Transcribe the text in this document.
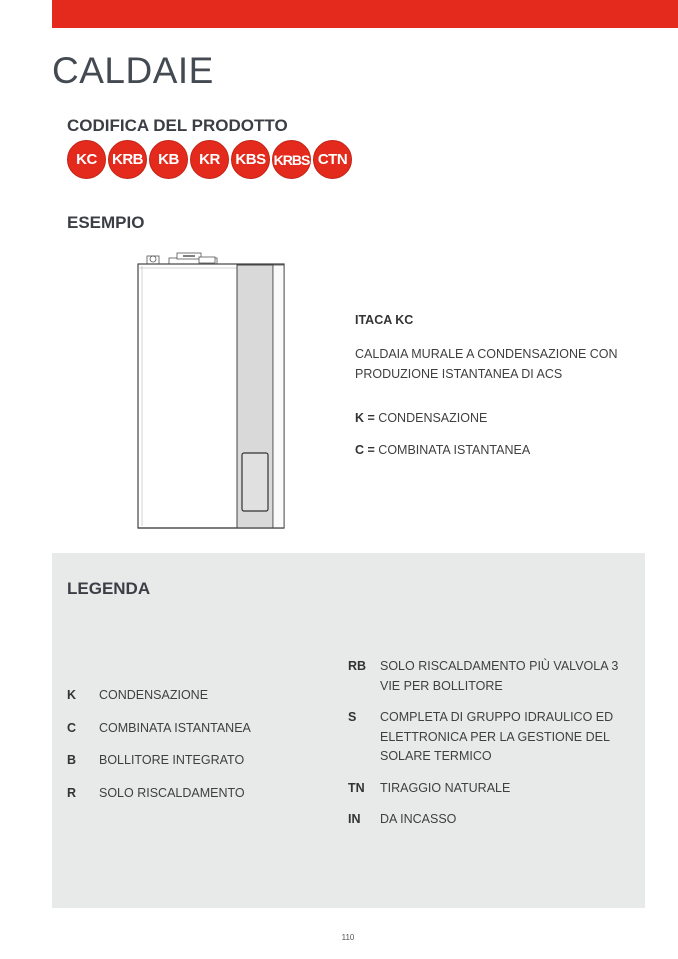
CALDAIE
CODIFICA DEL PRODOTTO
KC	KRB	KB	KR	KBS KRBS CTN
ESEMPIO
ITACA KC
CALDAIA MURALE A CONDENSAZIONE CON PRODUZIONE ISTANTANEA DI ACS
K = CONDENSAZIONE
C = COMBINATA ISTANTANEA
LEGENDA
K	CONDENSAZIONE
C	COMBINATA ISTANTANEA
B	BOLLITORE INTEGRATO
R	SOLO RISCALDAMENTO
RB	SOLO RISCALDAMENTO PIÙ VALVOLA 3 VIE PER BOLLITORE
S	COMPLETA DI GRUPPO IDRAULICO ED ELETTRONICA PER LA GESTIONE DEL SOLARE TERMICO
TN	TIRAGGIO NATURALE
IN	DA INCASSO
110
